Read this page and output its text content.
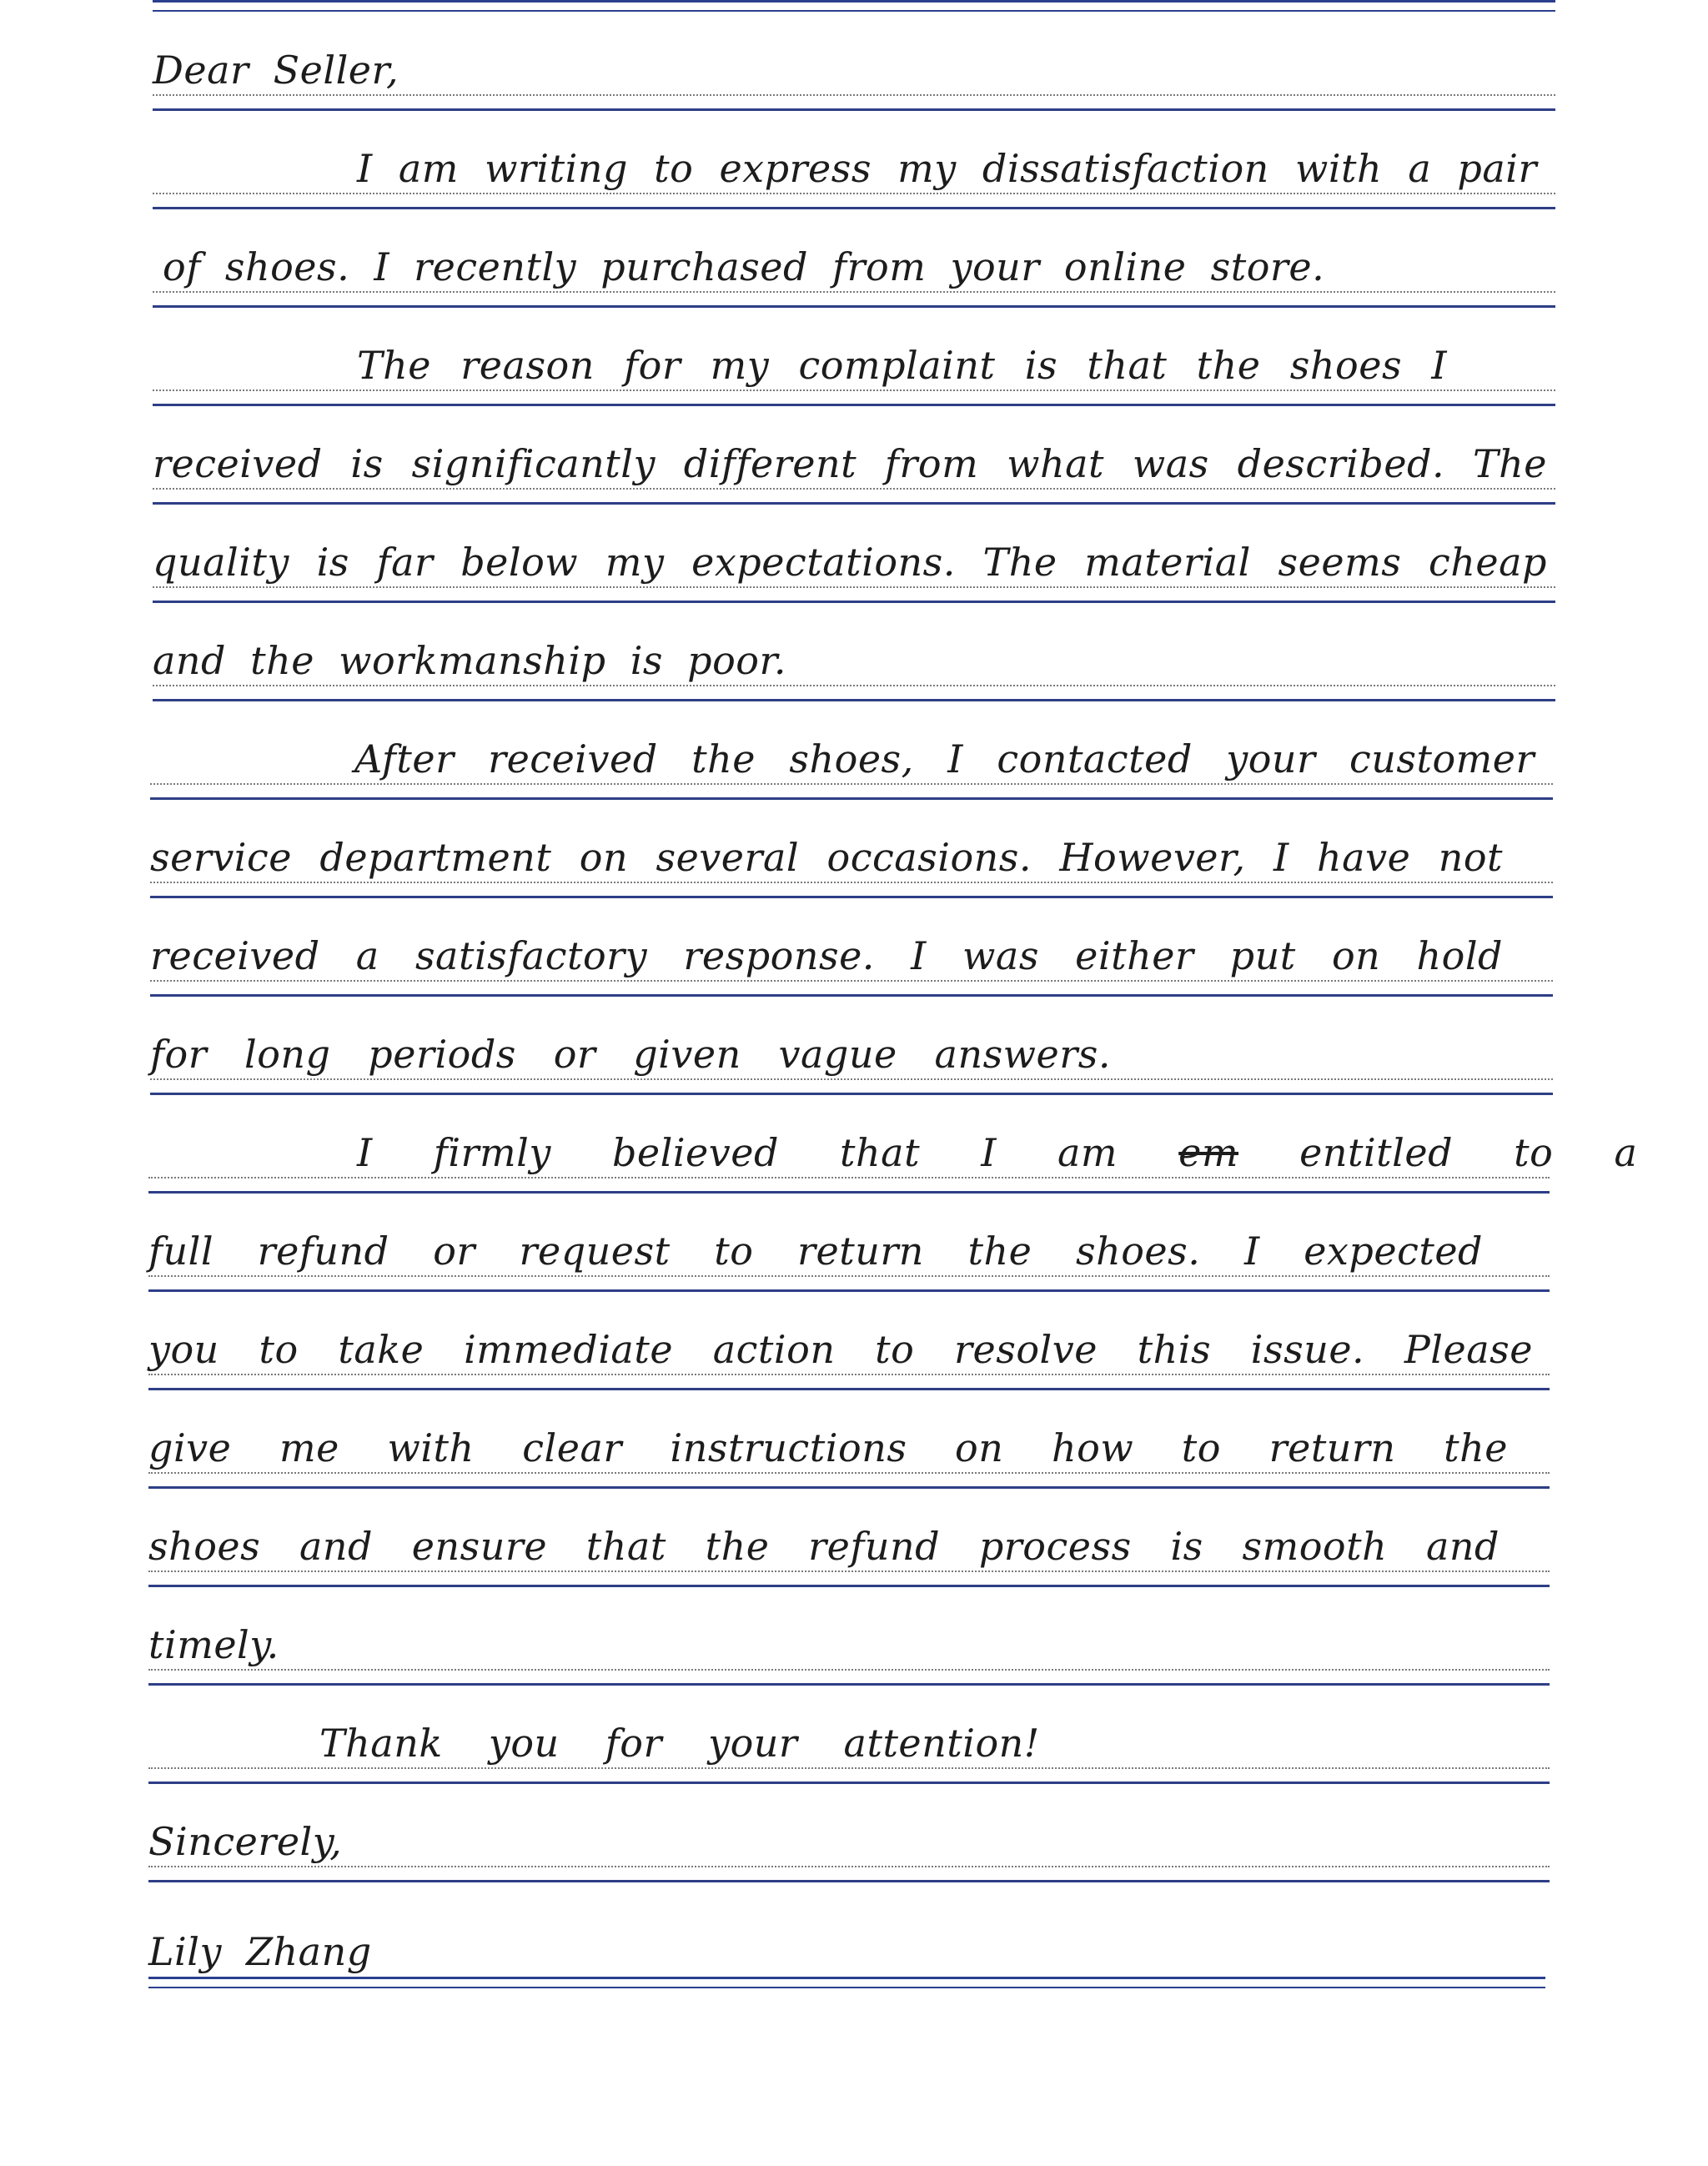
Dear Seller,
I am writing to express my dissatisfaction with a pair
of shoes. I recently purchased from your online store.
The reason for my complaint is that the shoes I
received is significantly different from what was described. The
quality is far below my expectations. The material seems cheap
and the workmanship is poor.
After received the shoes, I contacted your customer
service department on several occasions. However, I have not
received a satisfactory response. I was either put on hold
for long periods or given vague answers.
I firmly believed that I am em entitled to a
full refund or request to return the shoes. I expected
you to take immediate action to resolve this issue. Please
give me with clear instructions on how to return the
shoes and ensure that the refund process is smooth and
timely.
Thank you for your attention!
Sincerely,
Lily Zhang
